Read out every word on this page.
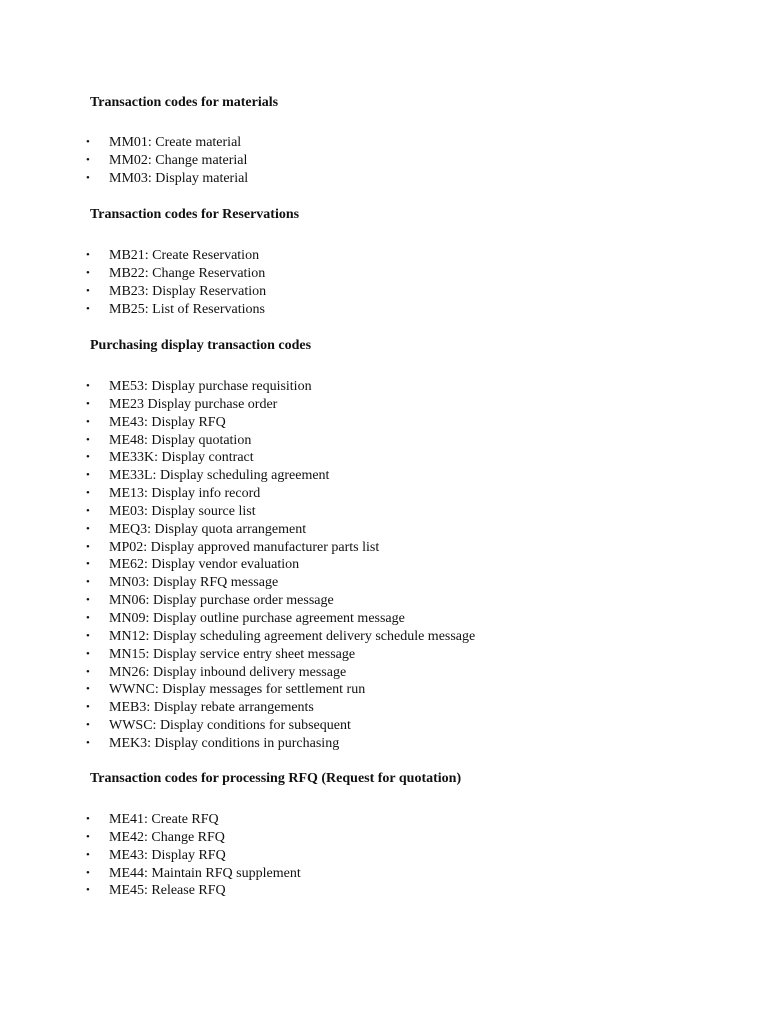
Transaction codes for materials
• MM01: Create material
• MM02: Change material
• MM03: Display material
Transaction codes for Reservations
• MB21: Create Reservation
• MB22: Change Reservation
• MB23: Display Reservation
• MB25: List of Reservations
Purchasing display transaction codes
• ME53: Display purchase requisition
• ME23 Display purchase order
• ME43: Display RFQ
• ME48: Display quotation
• ME33K: Display contract
• ME33L: Display scheduling agreement
• ME13: Display info record
• ME03: Display source list
• MEQ3: Display quota arrangement
• MP02: Display approved manufacturer parts list
• ME62: Display vendor evaluation
• MN03: Display RFQ message
• MN06: Display purchase order message
• MN09: Display outline purchase agreement message
• MN12: Display scheduling agreement delivery schedule message
• MN15: Display service entry sheet message
• MN26: Display inbound delivery message
• WWNC: Display messages for settlement run
• MEB3: Display rebate arrangements
• WWSC: Display conditions for subsequent
• MEK3: Display conditions in purchasing
Transaction codes for processing RFQ (Request for quotation)
• ME41: Create RFQ
• ME42: Change RFQ
• ME43: Display RFQ
• ME44: Maintain RFQ supplement
• ME45: Release RFQ
